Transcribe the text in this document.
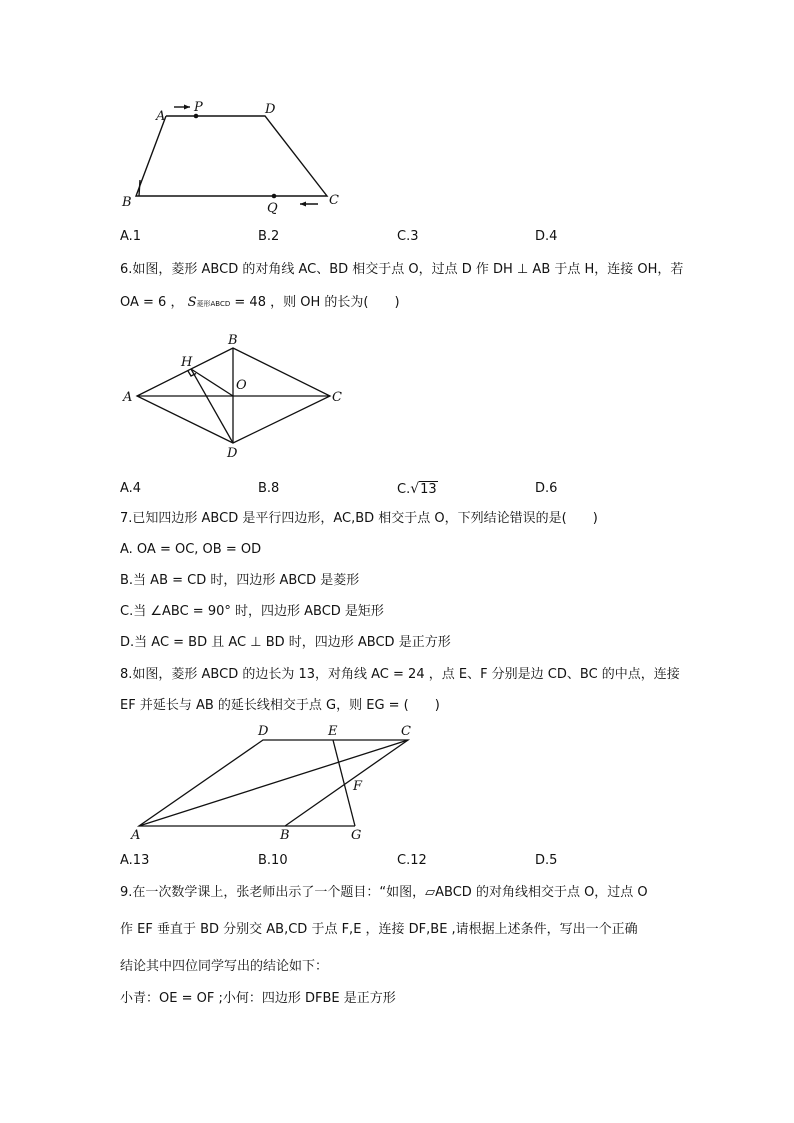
A
P	D
B	Q
C
A.1	B.2	C.3	D.4
6.如图，菱形 ABCD 的对角线 AC、BD 相交于点 O，过点 D 作 DH ⊥ AB 于点 H，连接 OH，若
OA = 6 ， S菱形ABCD = 48 ，则 OH 的长为(　　)
A
B
C
D
H
O
A.4	B.8	C.√13	D.6
7.已知四边形 ABCD 是平行四边形，AC,BD 相交于点 O，下列结论错误的是(　　)
A. OA = OC, OB = OD
B.当 AB = CD 时，四边形 ABCD 是菱形
C.当 ∠ABC = 90° 时，四边形 ABCD 是矩形
D.当 AC = BD 且 AC ⊥ BD 时，四边形 ABCD 是正方形
8.如图，菱形 ABCD 的边长为 13，对角线 AC = 24 ，点 E、F 分别是边 CD、BC 的中点，连接
EF 并延长与 AB 的延长线相交于点 G，则 EG = (　　)
D	E	C
F
A	B	G
A.13	B.10	C.12	D.5
9.在一次数学课上，张老师出示了一个题目：“如图，▱ABCD 的对角线相交于点 O，过点 O
作 EF 垂直于 BD 分别交 AB,CD 于点 F,E ，连接 DF,BE ,请根据上述条件，写出一个正确
结论其中四位同学写出的结论如下：
小青：OE = OF ;小何：四边形 DFBE 是正方形
